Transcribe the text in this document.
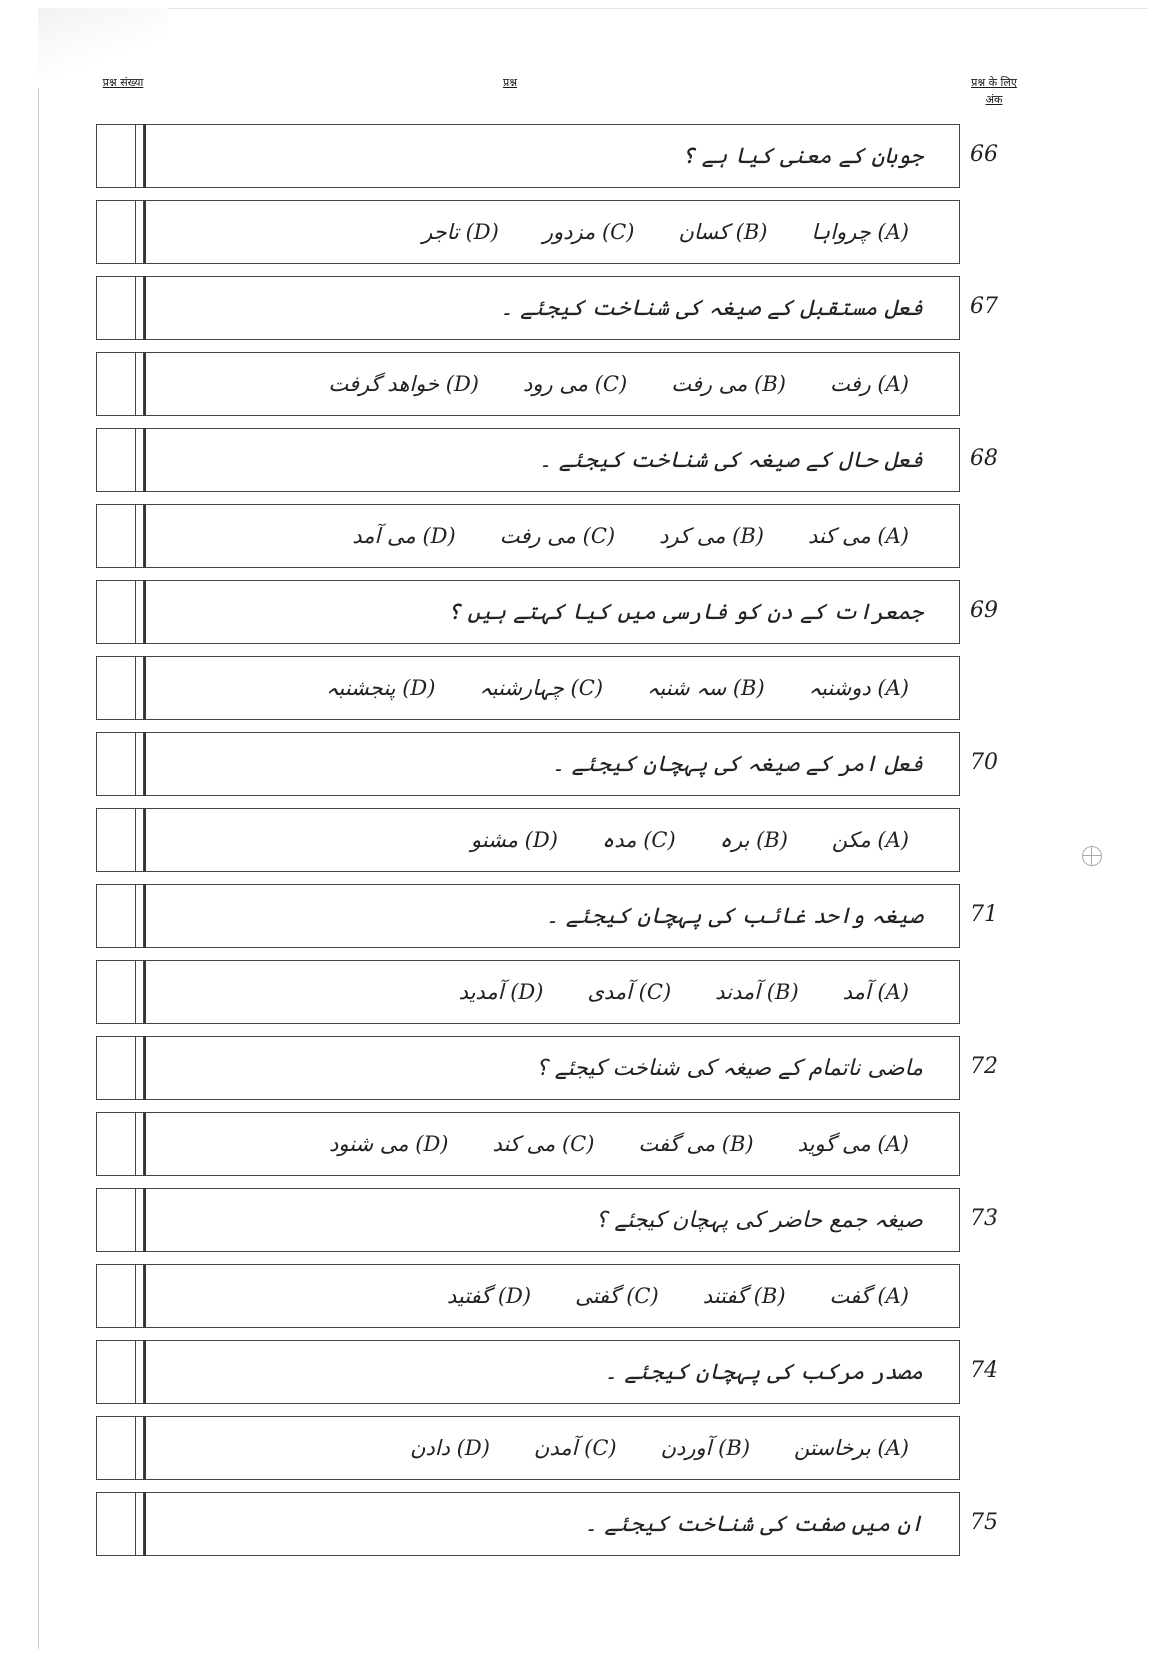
प्रश्न संख्या	प्रश्न	प्रश्न के लिए अंक
جوبان کے معنی کیا ہے ؟	66
(A) چرواہا
(B) کسان
(C) مزدور
(D) تاجر
فعل مستقبل کے صیغہ کی شناخت کیجئے ۔	67
(A) رفت
(B) می رفت
(C) می رود
(D) خواهد گرفت
فعل حال کے صیغہ کی شناخت کیجئے ۔	68
(A) می کند
(B) می کرد
(C) می رفت
(D) می آمد
جمعرات کے دن کو فارسی میں کیا کہتے ہیں ؟	69
(A) دوشنبہ
(B) سہ شنبہ
(C) چہارشنبہ
(D) پنجشنبہ
فعل امر کے صیغہ کی پہچان کیجئے ۔	70
(A) مکن
(B) برہ
(C) مدہ
(D) مشنو
صیغہ واحد غائب کی پہچان کیجئے ۔	71
(A) آمد
(B) آمدند
(C) آمدی
(D) آمدید
ماضی ناتمام کے صیغہ کی شناخت کیجئے ؟	72
(A) می گوید
(B) می گفت
(C) می کند
(D) می شنود
صیغہ جمع حاضر کی پہچان کیجئے ؟	73
(A) گفت
(B) گفتند
(C) گفتی
(D) گفتید
مصدر مرکب کی پہچان کیجئے ۔	74
(A) برخاستن
(B) آوردن
(C) آمدن
(D) دادن
ان میں صفت کی شناخت کیجئے ۔	75
